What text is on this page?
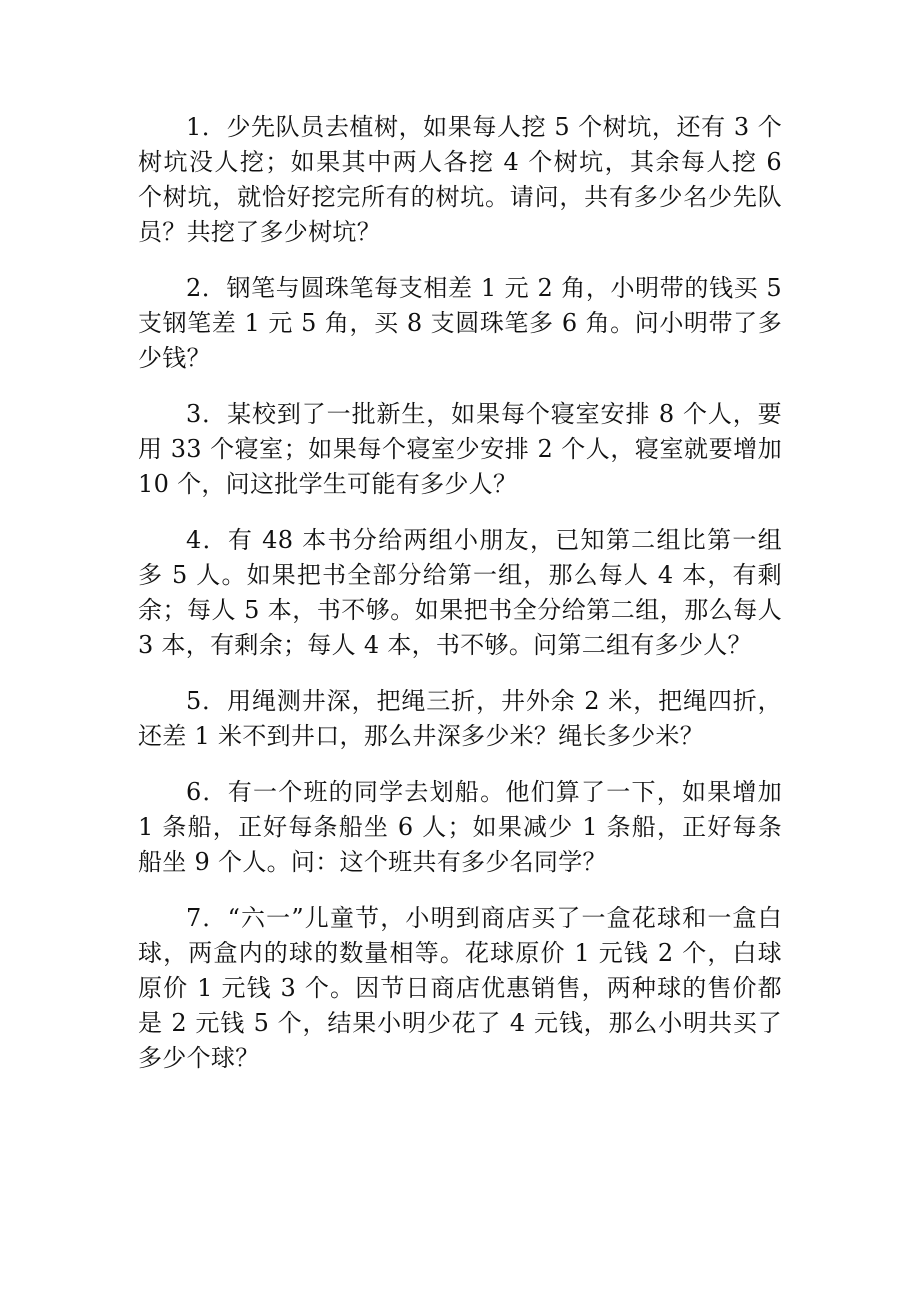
1．少先队员去植树，如果每人挖 5 个树坑，还有 3 个树坑没人挖；如果其中两人各挖 4 个树坑，其余每人挖 6 个树坑，就恰好挖完所有的树坑。请问，共有多少名少先队员？共挖了多少树坑？

2．钢笔与圆珠笔每支相差 1 元 2 角，小明带的钱买 5 支钢笔差 1 元 5 角，买 8 支圆珠笔多 6 角。问小明带了多少钱？

3．某校到了一批新生，如果每个寝室安排 8 个人，要用 33 个寝室；如果每个寝室少安排 2 个人，寝室就要增加 10 个，问这批学生可能有多少人？

4．有 48 本书分给两组小朋友，已知第二组比第一组多 5 人。如果把书全部分给第一组，那么每人 4 本，有剩余；每人 5 本，书不够。如果把书全分给第二组，那么每人 3 本，有剩余；每人 4 本，书不够。问第二组有多少人？

5．用绳测井深，把绳三折，井外余 2 米，把绳四折，还差 1 米不到井口，那么井深多少米？绳长多少米？

6．有一个班的同学去划船。他们算了一下，如果增加 1 条船，正好每条船坐 6 人；如果减少 1 条船，正好每条船坐 9 个人。问：这个班共有多少名同学？

7．“六一”儿童节，小明到商店买了一盒花球和一盒白球，两盒内的球的数量相等。花球原价 1 元钱 2 个，白球原价 1 元钱 3 个。因节日商店优惠销售，两种球的售价都是 2 元钱 5 个，结果小明少花了 4 元钱，那么小明共买了多少个球？
